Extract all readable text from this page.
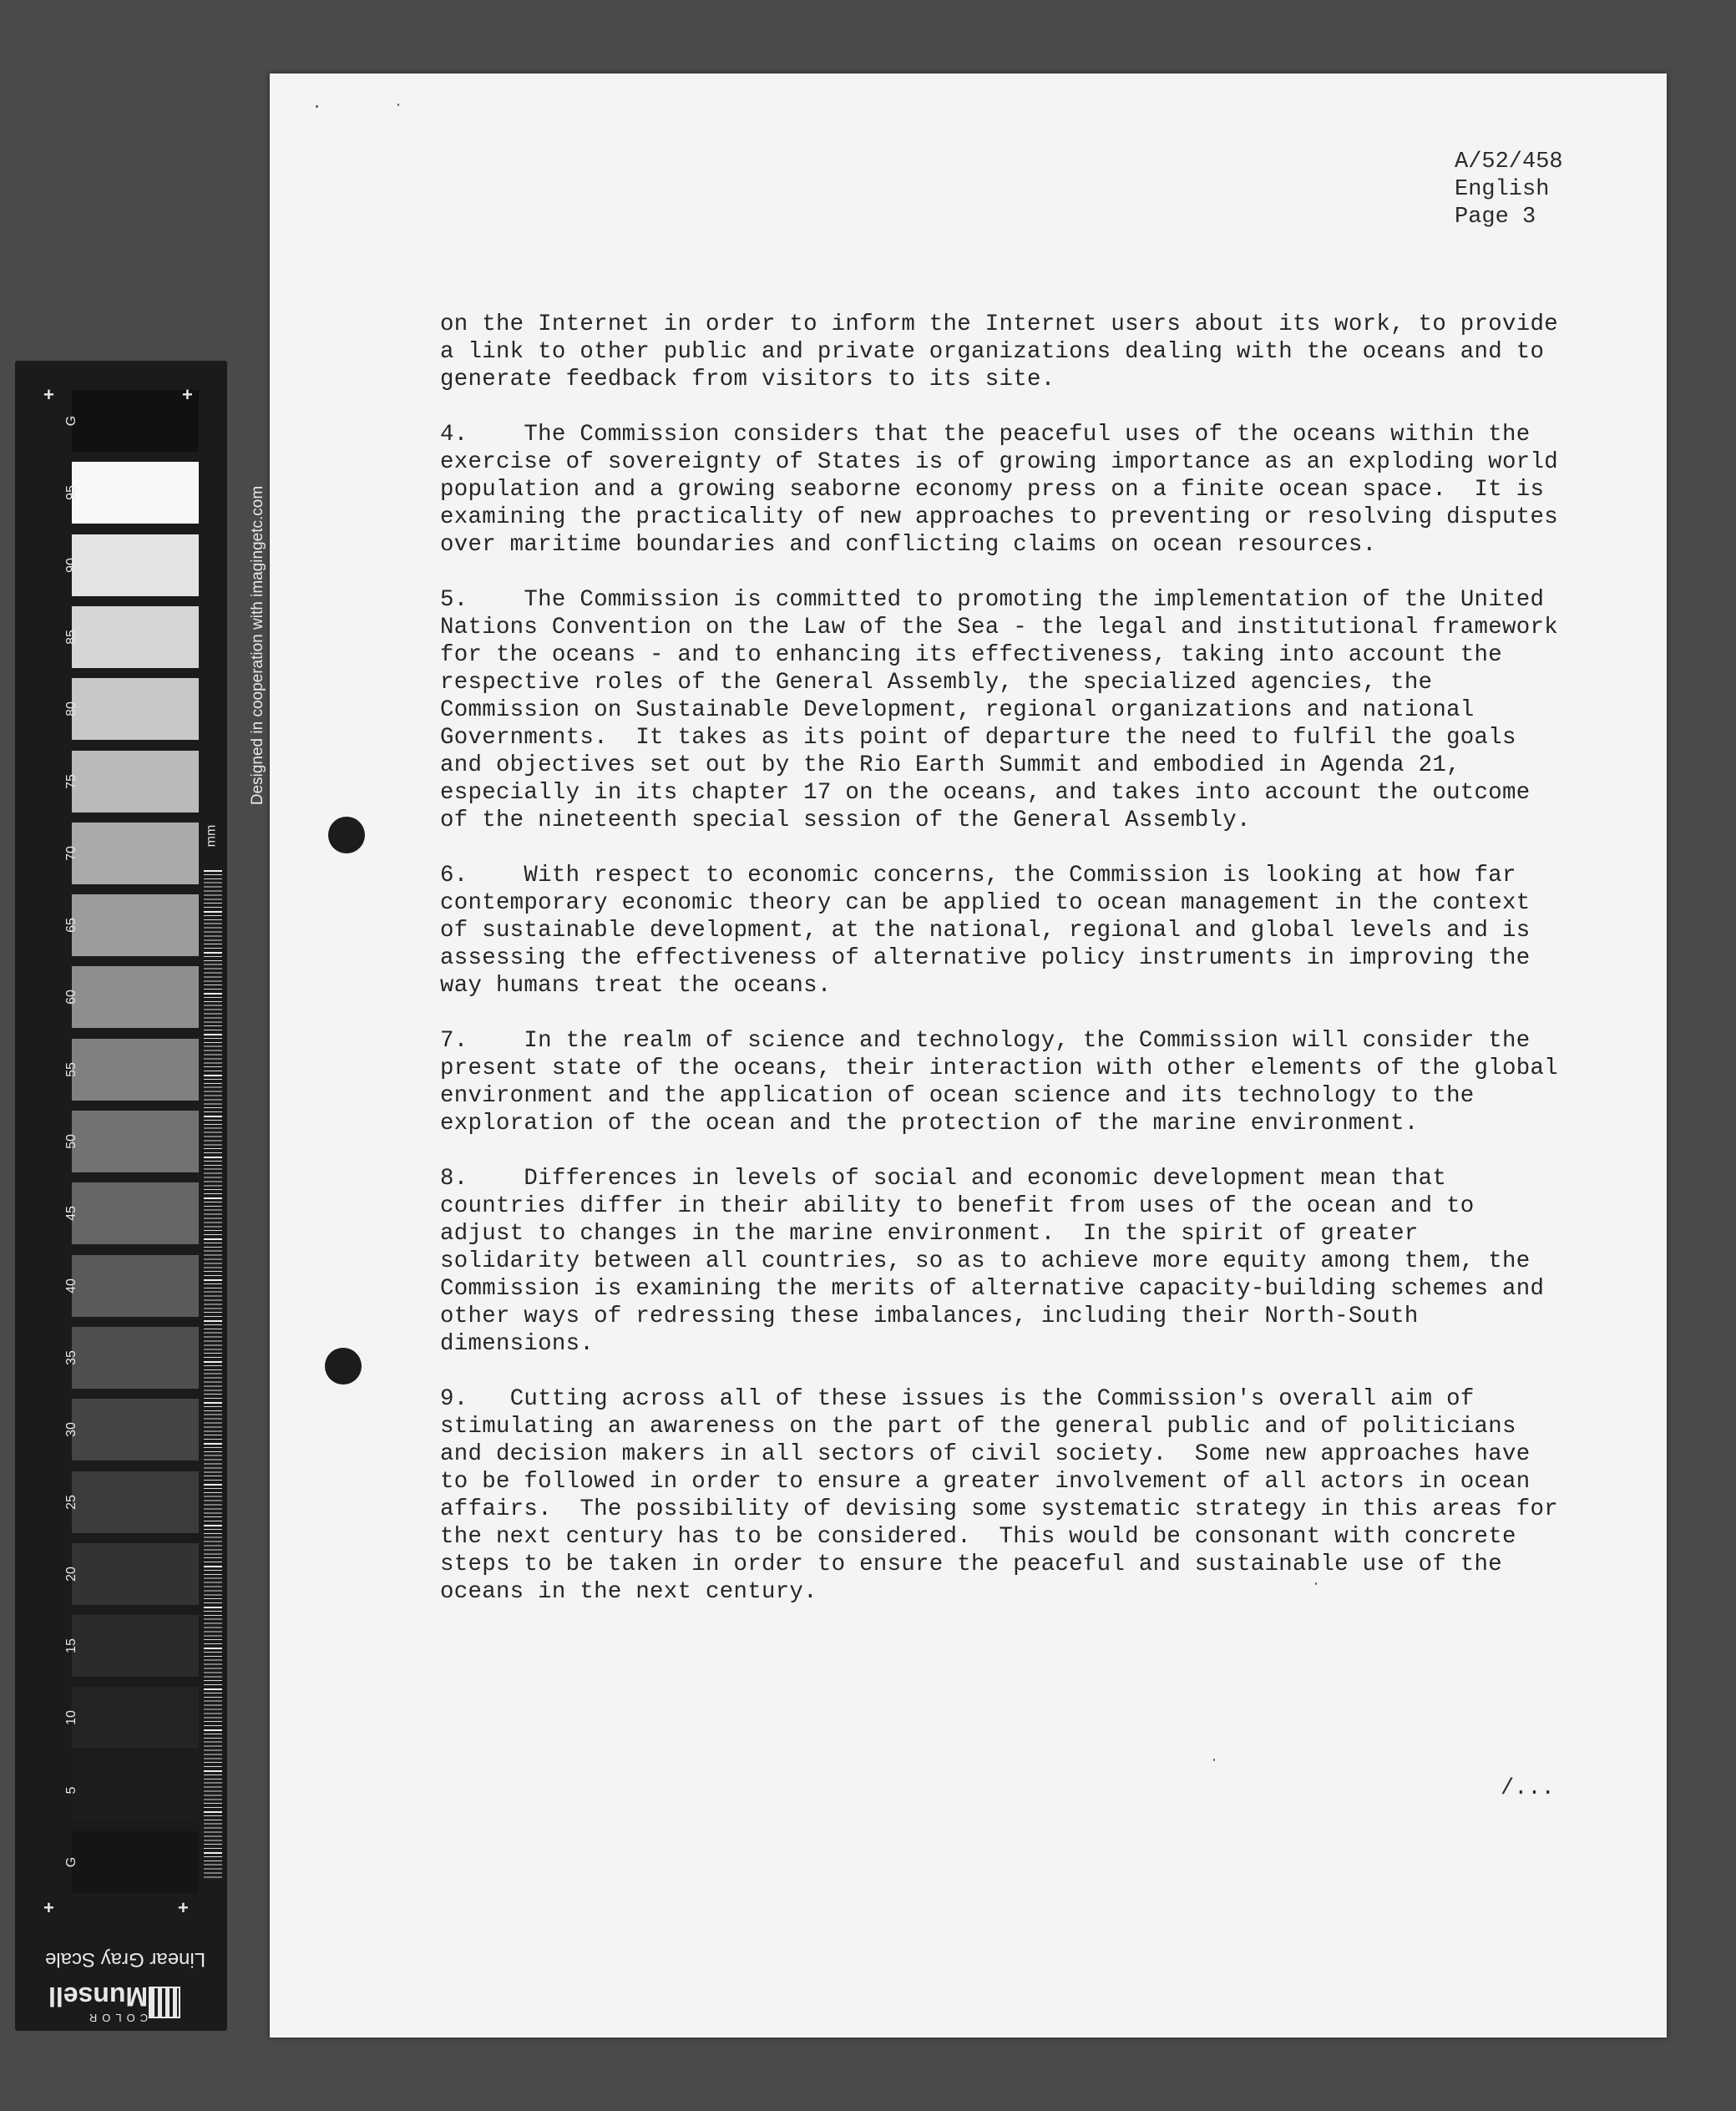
G
95
90
85
80
75
70
65
60
55
50
45
40
35
30
25
20
15
10
5
G
mm
Designed in cooperation with imagingetc.com
+	+
+	+
Linear Gray Scale
COLOR
Munsell
A/52/458
English
Page 3
on the Internet in order to inform the Internet users about its work, to provide
a link to other public and private organizations dealing with the oceans and to
generate feedback from visitors to its site.
4.    The Commission considers that the peaceful uses of the oceans within the
exercise of sovereignty of States is of growing importance as an exploding world
population and a growing seaborne economy press on a finite ocean space.  It is
examining the practicality of new approaches to preventing or resolving disputes
over maritime boundaries and conflicting claims on ocean resources.
5.    The Commission is committed to promoting the implementation of the United
Nations Convention on the Law of the Sea - the legal and institutional framework
for the oceans - and to enhancing its effectiveness, taking into account the
respective roles of the General Assembly, the specialized agencies, the
Commission on Sustainable Development, regional organizations and national
Governments.  It takes as its point of departure the need to fulfil the goals
and objectives set out by the Rio Earth Summit and embodied in Agenda 21,
especially in its chapter 17 on the oceans, and takes into account the outcome
of the nineteenth special session of the General Assembly.
6.    With respect to economic concerns, the Commission is looking at how far
contemporary economic theory can be applied to ocean management in the context
of sustainable development, at the national, regional and global levels and is
assessing the effectiveness of alternative policy instruments in improving the
way humans treat the oceans.
7.    In the realm of science and technology, the Commission will consider the
present state of the oceans, their interaction with other elements of the global
environment and the application of ocean science and its technology to the
exploration of the ocean and the protection of the marine environment.
8.    Differences in levels of social and economic development mean that
countries differ in their ability to benefit from uses of the ocean and to
adjust to changes in the marine environment.  In the spirit of greater
solidarity between all countries, so as to achieve more equity among them, the
Commission is examining the merits of alternative capacity-building schemes and
other ways of redressing these imbalances, including their North-South
dimensions.
9.   Cutting across all of these issues is the Commission's overall aim of
stimulating an awareness on the part of the general public and of politicians
and decision makers in all sectors of civil society.  Some new approaches have
to be followed in order to ensure a greater involvement of all actors in ocean
affairs.  The possibility of devising some systematic strategy in this areas for
the next century has to be considered.  This would be consonant with concrete
steps to be taken in order to ensure the peaceful and sustainable use of the
oceans in the next century.
/...
